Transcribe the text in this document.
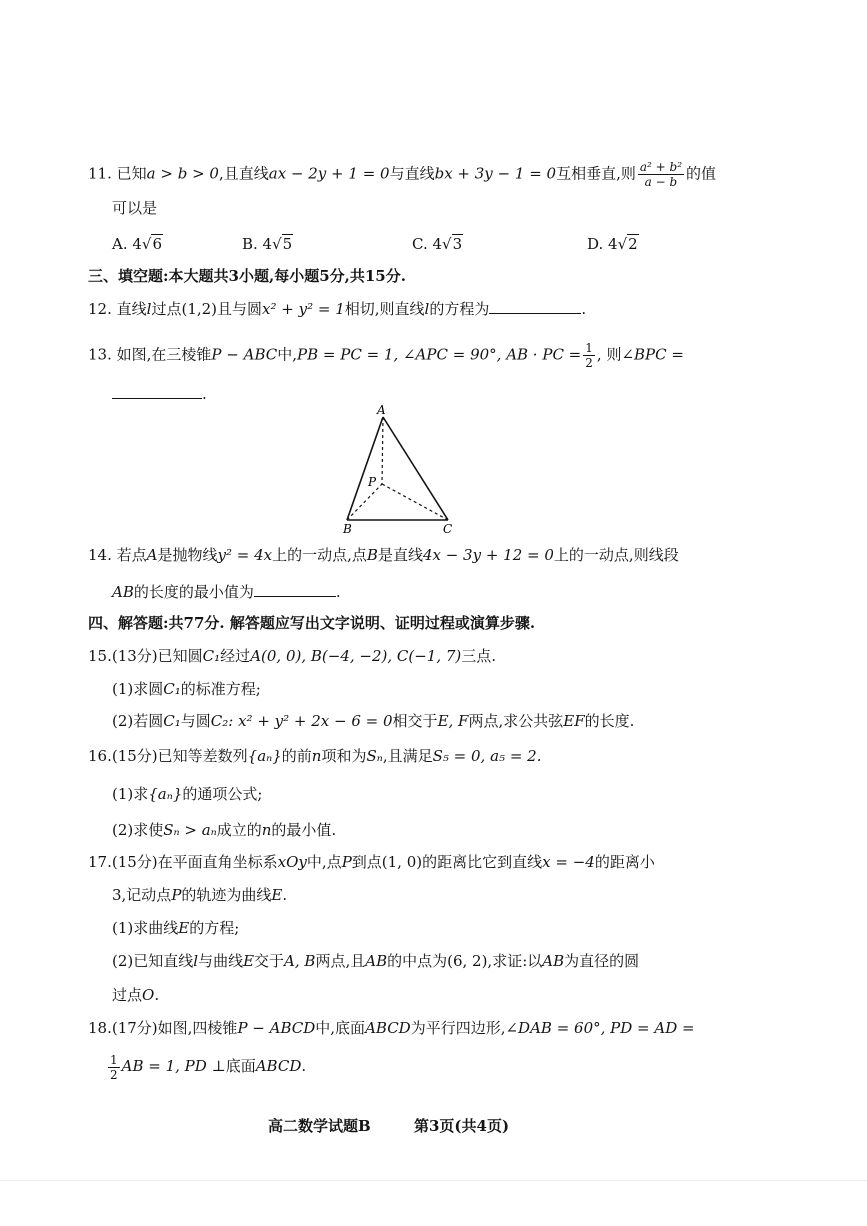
11. 已知a > b > 0,且直线ax − 2y + 1 = 0与直线bx + 3y − 1 = 0互相垂直,则 $\frac{\text{a² + b²}}{a - b}$ 的值
可以是
A. 4√6	B. 4√5	C. 4√3	D. 4√2
三、填空题:本大题共3小题,每小题5分,共15分.
12. 直线l过点(1,2)且与圆x² + y² = 1相切,则直线l的方程为	.
13. 如图,在三棱锥P − ABC中,PB = PC = 1, ∠APC = 90°, AB · PC = $\frac{1}{2}$ , 则∠BPC =
.
A
P
B	C
14. 若点A是抛物线y² = 4x上的一动点,点B是直线4x − 3y + 12 = 0上的一动点,则线段
AB的长度的最小值为	.
四、解答题:共77分. 解答题应写出文字说明、证明过程或演算步骤.
15.(13分)已知圆C₁经过A(0, 0), B(−4, −2), C(−1, 7)三点.
(1)求圆C₁的标准方程;
(2)若圆C₁与圆C₂: x² + y² + 2x − 6 = 0相交于E, F两点,求公共弦EF的长度.
16.(15分)已知等差数列{aₙ}的前n项和为Sₙ,且满足S₅ = 0, a₅ = 2.
(1)求{aₙ}的通项公式;
(2)求使Sₙ > aₙ成立的n的最小值.
17.(15分)在平面直角坐标系xOy中,点P到点(1, 0)的距离比它到直线x = −4的距离小
3,记动点P的轨迹为曲线E.
(1)求曲线E的方程;
(2)已知直线l与曲线E交于A, B两点,且AB的中点为(6, 2),求证:以AB为直径的圆
过点O.
18.(17分)如图,四棱锥P − ABCD中,底面ABCD为平行四边形,∠DAB = 60°, PD = AD =
$\frac{1}{2}$ AB = 1, PD ⊥底面ABCD.
高二数学试题B	第3页(共4页)
